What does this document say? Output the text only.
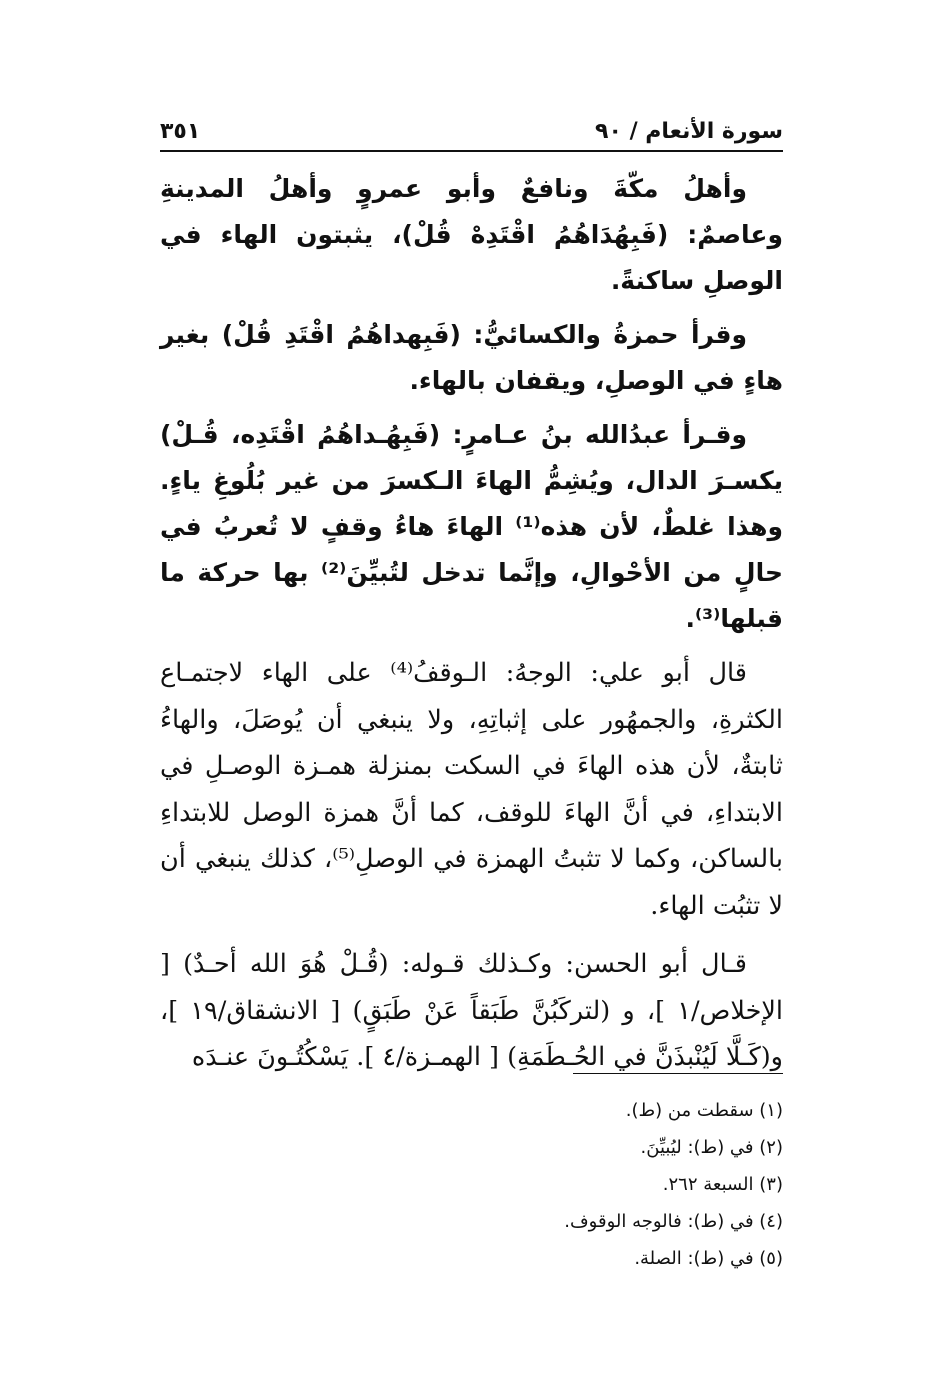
سورة الأنعام / ٩٠
٣٥١

وأهلُ مكّةَ ونافعٌ وأبو عمروٍ وأهلُ المدينةِ وعاصمٌ: (فَبِهُدَاهُمُ اقْتَدِهْ قُلْ)، يثبتون الهاء في الوصلِ ساكنةً.

وقرأ حمزةُ والكسائيُّ: (فَبِهداهُمُ اقْتَدِ قُلْ) بغير هاءٍ في الوصلِ، ويقفان بالهاء.

وقـرأ عبدُالله بنُ عـامرٍ: (فَبِهُـداهُمُ اقْتَدِه، قُـلْ) يكسـرَ الدال، ويُشِمُّ الهاءَ الـكسرَ من غير بُلُوغِ ياءٍ. وهذا غلطٌ، لأن هذه⁽¹⁾ الهاءَ هاءُ وقفٍ لا تُعربُ في حالٍ من الأحْوالِ، وإنَّما تدخل لتُبيِّنَ⁽²⁾ بها حركة ما قبلها⁽³⁾.

قال أبو علي: الوجهُ: الـوقفُ⁽⁴⁾ على الهاء لاجتمـاع الكثرةِ، والجمهُور على إثباتِهِ، ولا ينبغي أن يُوصَلَ، والهاءُ ثابتةٌ، لأن هذه الهاءَ في السكت بمنزلة همـزة الوصـلِ في الابتداءِ، في أنَّ الهاءَ للوقف، كما أنَّ همزة الوصل للابتداءِ بالساكن، وكما لا تثبتُ الهمزة في الوصلِ⁽⁵⁾، كذلك ينبغي أن لا تثبُت الهاء.

قـال أبو الحسن: وكـذلك قـوله: (قُـلْ هُوَ الله أحـدٌ) [ الإخلاص/١ ]، و (لتركَبُنَّ طَبَقاً عَنْ طَبَقٍ) [ الانشقاق/١٩ ]، و(كَـلَّا لَيُنْبذَنَّ في الحُـطَمَةِ) [ الهمـزة/٤ ]. يَسْكُتُـونَ عنـدَه

(١) سقطت من (ط).
(٢) في (ط): ليُبيِّنَ.
(٣) السبعة ٢٦٢.
(٤) في (ط): فالوجه الوقوف.
(٥) في (ط): الصلة.
